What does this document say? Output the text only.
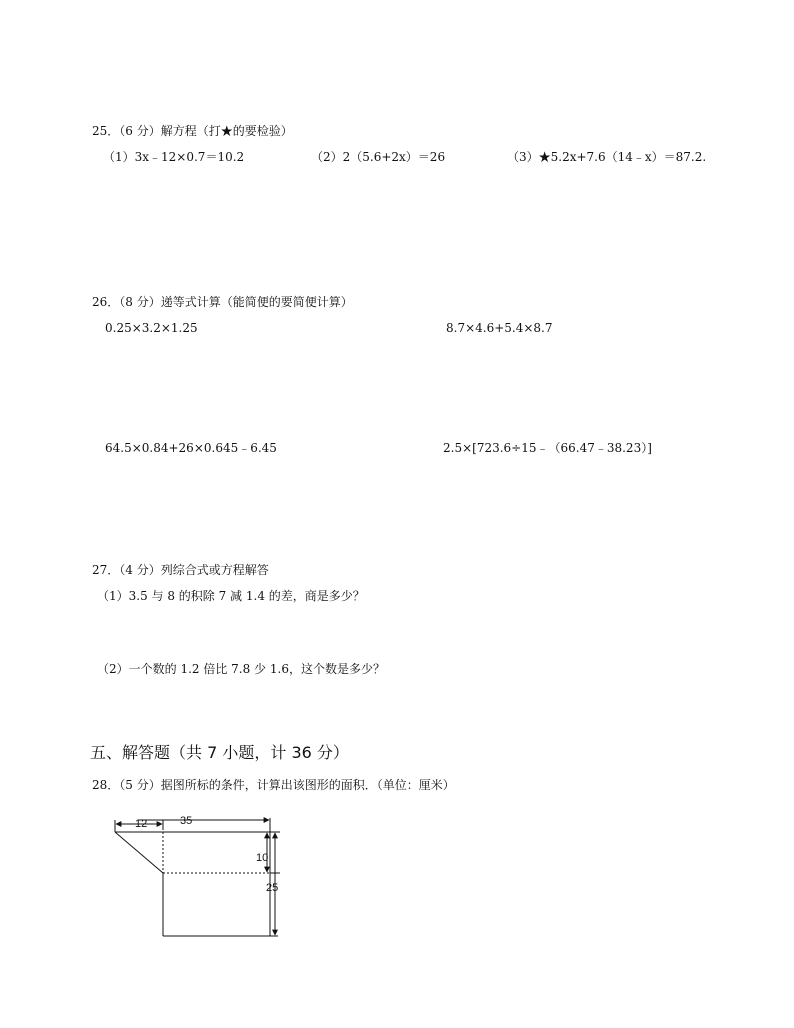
25．（6 分）解方程（打★的要检验）
（1）3x﹣12×0.7＝10.2	（2）2（5.6+2x）＝26	（3）★5.2x+7.6（14﹣x）＝87.2.
26．（8 分）递等式计算（能简便的要简便计算）
0.25×3.2×1.25	8.7×4.6+5.4×8.7
64.5×0.84+26×0.645﹣6.45	2.5×[723.6÷15﹣（66.47﹣38.23）]
27．（4 分）列综合式或方程解答
（1）3.5 与 8 的积除 7 减 1.4 的差，商是多少？
（2）一个数的 1.2 倍比 7.8 少 1.6，这个数是多少？
五、解答题（共 7 小题，计 36 分）
28．（5 分）据图所标的条件，计算出该图形的面积．（单位：厘米）
12	35
10
25
